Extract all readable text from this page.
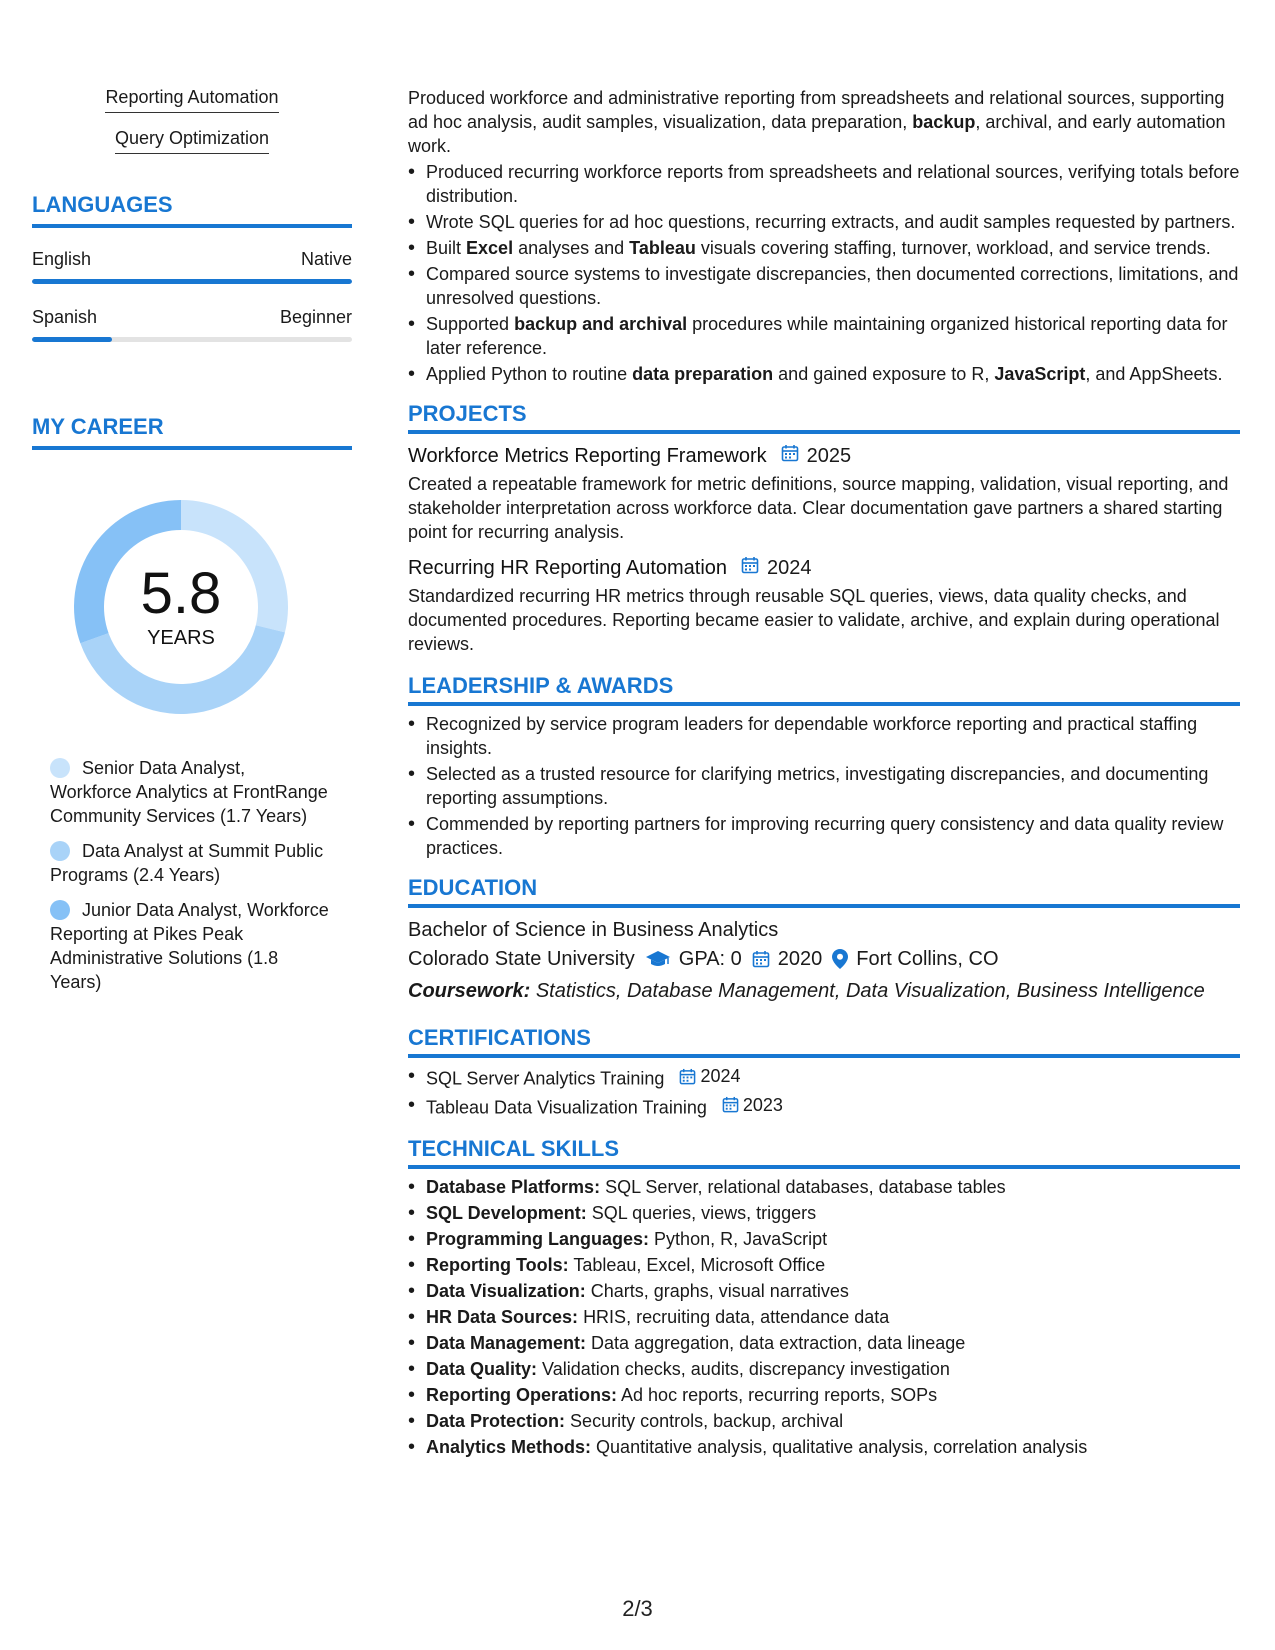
Reporting Automation
Query Optimization
LANGUAGES
English	Native
Spanish	Beginner
MY CAREER
5.8
YEARS
Senior Data Analyst, Workforce Analytics at FrontRange Community Services (1.7 Years)
Data Analyst at Summit Public Programs (2.4 Years)
Junior Data Analyst, Workforce Reporting at Pikes Peak Administrative Solutions (1.8 Years)

Produced workforce and administrative reporting from spreadsheets and relational sources, supporting ad hoc analysis, audit samples, visualization, data preparation, backup, archival, and early automation work.

• Produced recurring workforce reports from spreadsheets and relational sources, verifying totals before distribution.
• Wrote SQL queries for ad hoc questions, recurring extracts, and audit samples requested by partners.
• Built Excel analyses and Tableau visuals covering staffing, turnover, workload, and service trends.
• Compared source systems to investigate discrepancies, then documented corrections, limitations, and unresolved questions.
• Supported backup and archival procedures while maintaining organized historical reporting data for later reference.
• Applied Python to routine data preparation and gained exposure to R, JavaScript, and AppSheets.
PROJECTS
Workforce Metrics Reporting Framework 2025

Created a repeatable framework for metric definitions, source mapping, validation, visual reporting, and stakeholder interpretation across workforce data. Clear documentation gave partners a shared starting point for recurring analysis.

Recurring HR Reporting Automation 2024

Standardized recurring HR metrics through reusable SQL queries, views, data quality checks, and documented procedures. Reporting became easier to validate, archive, and explain during operational reviews.

LEADERSHIP & AWARDS
• Recognized by service program leaders for dependable workforce reporting and practical staffing insights.
• Selected as a trusted resource for clarifying metrics, investigating discrepancies, and documenting reporting assumptions.
• Commended by reporting partners for improving recurring query consistency and data quality review practices.
EDUCATION
Bachelor of Science in Business Analytics
Colorado State University GPA: 0 2020 Fort Collins, CO
Coursework: Statistics, Database Management, Data Visualization, Business Intelligence
CERTIFICATIONS
• SQL Server Analytics Training 2024
• Tableau Data Visualization Training 2023
TECHNICAL SKILLS
• Database Platforms: SQL Server, relational databases, database tables
• SQL Development: SQL queries, views, triggers
• Programming Languages: Python, R, JavaScript
• Reporting Tools: Tableau, Excel, Microsoft Office
• Data Visualization: Charts, graphs, visual narratives
• HR Data Sources: HRIS, recruiting data, attendance data
• Data Management: Data aggregation, data extraction, data lineage
• Data Quality: Validation checks, audits, discrepancy investigation
• Reporting Operations: Ad hoc reports, recurring reports, SOPs
• Data Protection: Security controls, backup, archival
• Analytics Methods: Quantitative analysis, qualitative analysis, correlation analysis
2/3
